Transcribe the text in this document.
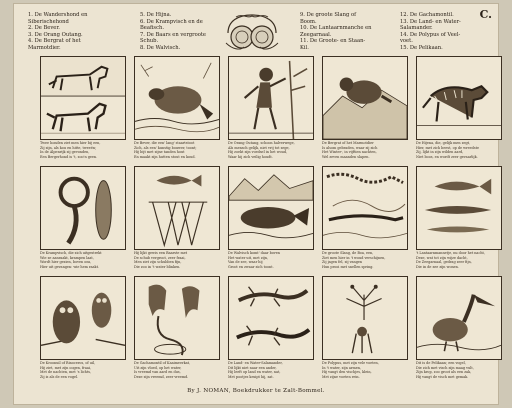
1. De Wandershond en
Siberischehond
2. De Bever.
3. De Orang Outang.
4. De Bergrat of het
Marmotdier.
5. De Hijna.
6. De Krampvisch en de
Beafisch.
7. De Baars en vergroote
Schub.
8. De Walvisch.
9. De groote Slang of
Boom.
10. De Lantaarnmanche en
Zeegarnaal.
11. De Groote- en Staan-
Kil.
12. De Gachamontil.
13. De Land- en Water-
Salamander.
14. De Polypus of Veel-
voet.
15. De Pelikaan.
C.
Twee honden ziet men hier bij een,
Zij zijn, als kou en hitte, tweeën;
In de Alpenrijk zij gevonden,
Een Bergerhond is 't, zoo'n geen.
De Bever, die een' lang' staartstoot
Zich, als een' kunstig bouwer, toont;
Hij bijt met zijne tanden hout
En maakt zijn hutten stout en koud.
De Orang Outang, schoon halverwege,
Als mensch gelijk, niet vrij tot zege,
Hij zoekt zijn voedsel in het woud,
Waar hij zich veilig houdt.
De Bergrat of het Marmotdier
Is alsom gebraden, waar zij zich
Het Winter-, in vijftien nachten,
Wel zeven maanden slapen.
De Hijena, die, gelijk men zegt,
Hier, met zich beest, op de wreedste
Zij, lijkt in zijn wilden aard,
Niet boos, en wordt zeer gevaarlijk.
De Krampvisch, die zich uitgestrekt
Wie ze aanraakt, krampen laat,
Wordt hier gezien, boven ons,
Hier uit gevangen: wie hem raakt.
Hij lijkt gewis een Baarste met
De schub vergroot, zeer fraai,
Men ziet zijn schubben fijn,
Die zoo in 't water blinken.
De Walvisch komt' daar boven
Het water uit, met zijn,
Van de zee, waar hij
Groot en zwaar zich toont.
De groote Slang, de Boa, een,
Ziet men hier in 't woud verschijnen,
Zij jagen fel, zij vangen
Hun prooi met snellen spring.
't Lantaarnmannetje, nu door het nacht,
Deze, wat tot zijn wijze dacht,
De Zeegarnaal, gedrag zeer fijn,
Die in de zee zijn wonen.
De Kroonuil of Rinoceros, of uil,
Hij ziet, met zijn oogen, fraai,
Met de nachten, met 's lichts,
Zij is als de een vogel.
De Gachamontil of Kaaimeerkat,
Uit zijn vloed, op het water,
Is vreemd van aard en dus,
Deze zijn vreemd, zeer vreemd.
De Land- en Water-Salamander,
Dit lijkt niet naar een ander,
Hij leeft op land en water, nat,
Met pootjes kruipt hij, zat.
De Polypus, met zijn vele voeten,
In 't water, zijn armen,
Hij vangt den vischjes, klein,
Met zijne voeten rein.
Dit is de Pelikaan; een vogel,
Die zich met visch zijn maag vult,
Zijn krop, zoo groot als een zak,
Hij vangt de visch met gemak.
By J. NOMAN, Boekdrukker te Zalt-Bommel.
